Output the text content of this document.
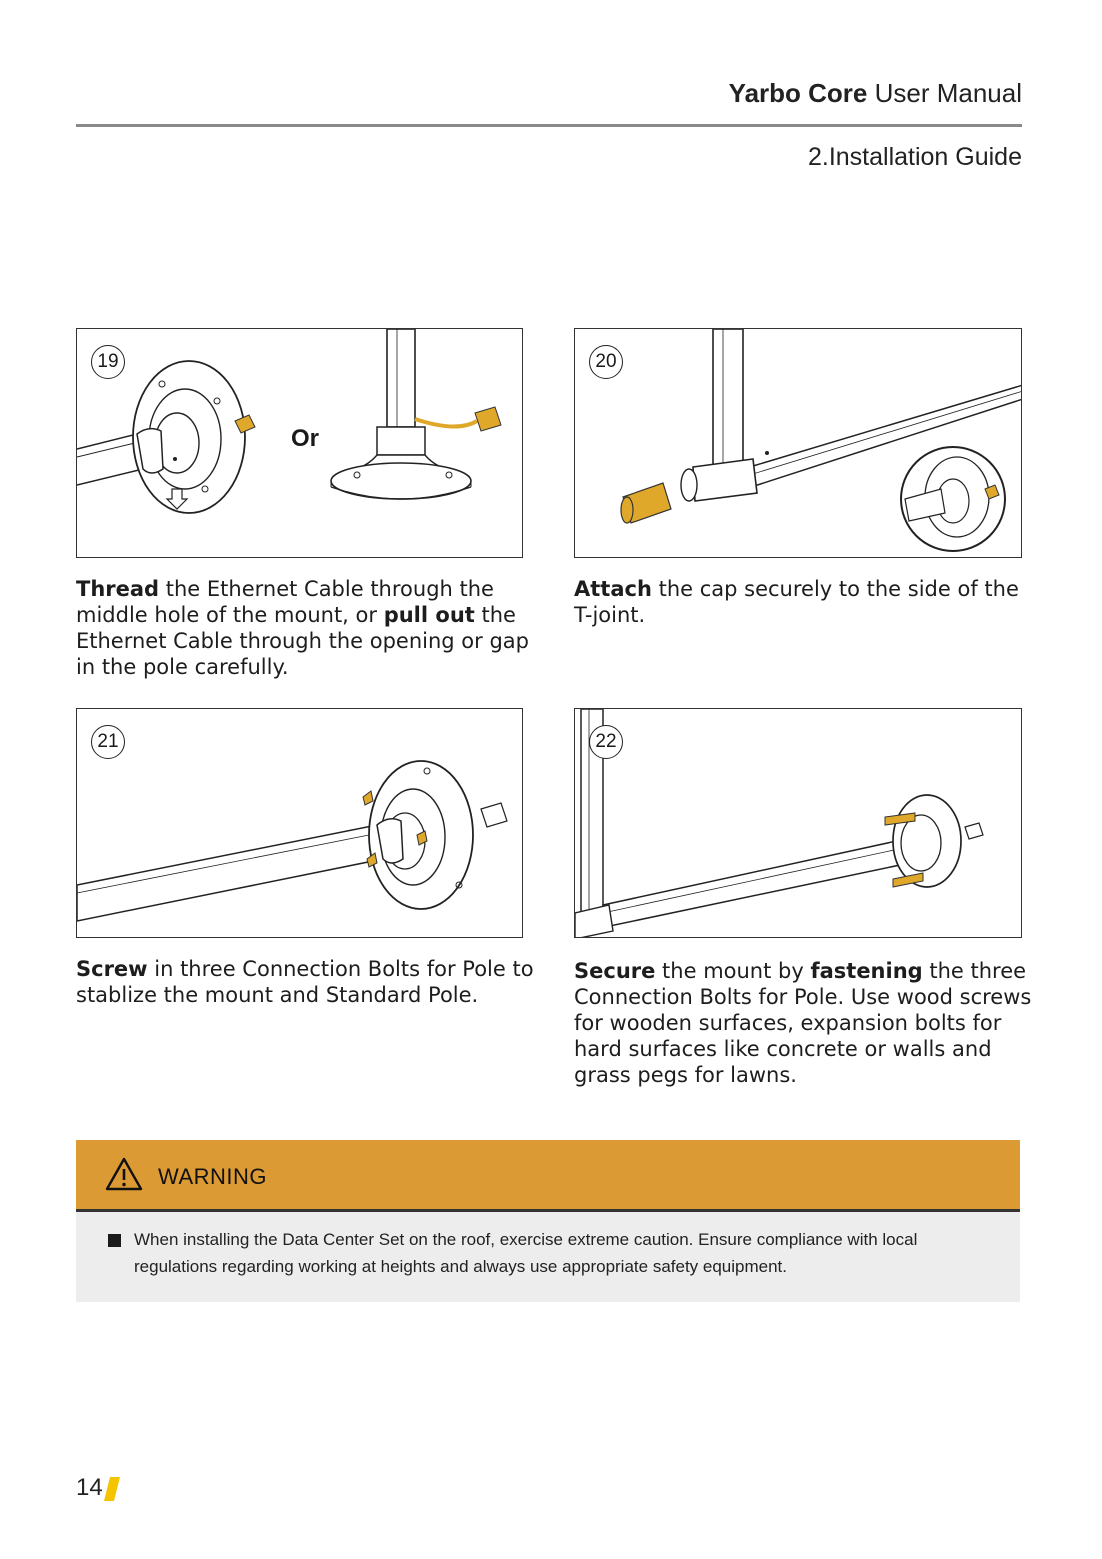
Yarbo Core User Manual
2.Installation Guide
19
Or
20
Thread the Ethernet Cable through the middle hole of the mount, or pull out the Ethernet Cable through the opening or gap in the pole carefully.
Attach the cap securely to the side of the T-joint.
21	22
Screw in three Connection Bolts for Pole to stablize the mount and Standard Pole.
Secure the mount by fastening the three Connection Bolts for Pole. Use wood screws for wooden surfaces, expansion bolts for hard surfaces like concrete or walls and grass pegs for lawns.
WARNING
When installing the Data Center Set on the roof, exercise extreme caution. Ensure compliance with local regulations regarding working at heights and always use appropriate safety equipment.
14
